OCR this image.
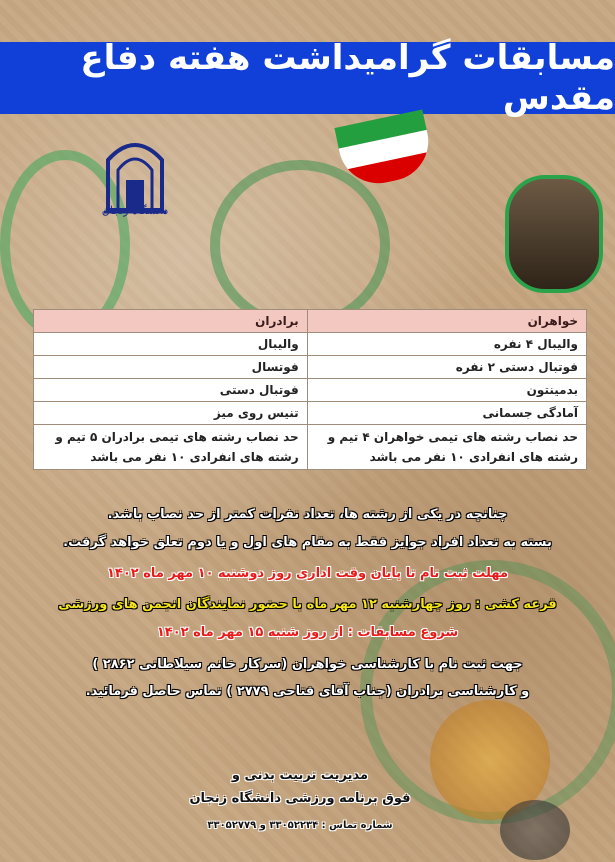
مسابقات گرامیداشت هفته دفاع مقدس
دانشگاه زنجان
خواهران	برادران
والیبال ۴ نفره	والیبال
فوتبال دستی ۲ نفره	فوتسال
بدمینتون	فوتبال دستی
آمادگی جسمانی	تنیس روی میز
حد نصاب رشته های تیمی خواهران ۴ تیم و رشته های انفرادی ۱۰ نفر می باشد	حد نصاب رشته های تیمی برادران ۵ تیم و رشته های انفرادی ۱۰ نفر می باشد
چنانچه در یکی از رشته ها، تعداد نفرات کمتر از حد نصاب باشد.
بسته به تعداد افراد جوایز فقط به مقام های اول و یا دوم تعلق خواهد گرفت.
مهلت ثبت نام تا پایان وقت اداری روز دوشنبه ۱۰ مهر ماه ۱۴۰۲
قرعه کشی : روز چهارشنبه ۱۲ مهر ماه با حضور نمایندگان انجمن های ورزشی
شروع مسابقات : از روز شنبه ۱۵ مهر ماه ۱۴۰۲
جهت ثبت نام با کارشناسی خواهران (سرکار خانم سیلاطانی ۲۸۶۲ )
و کارشناسی برادران (جناب آقای فتاحی ۲۷۷۹ ) تماس حاصل فرمائید.
مدیریت تربیت بدنی و
فوق برنامه ورزشی دانشگاه زنجان
شماره تماس : ۳۳۰۵۲۲۳۴ و ۳۳۰۵۲۷۷۹
